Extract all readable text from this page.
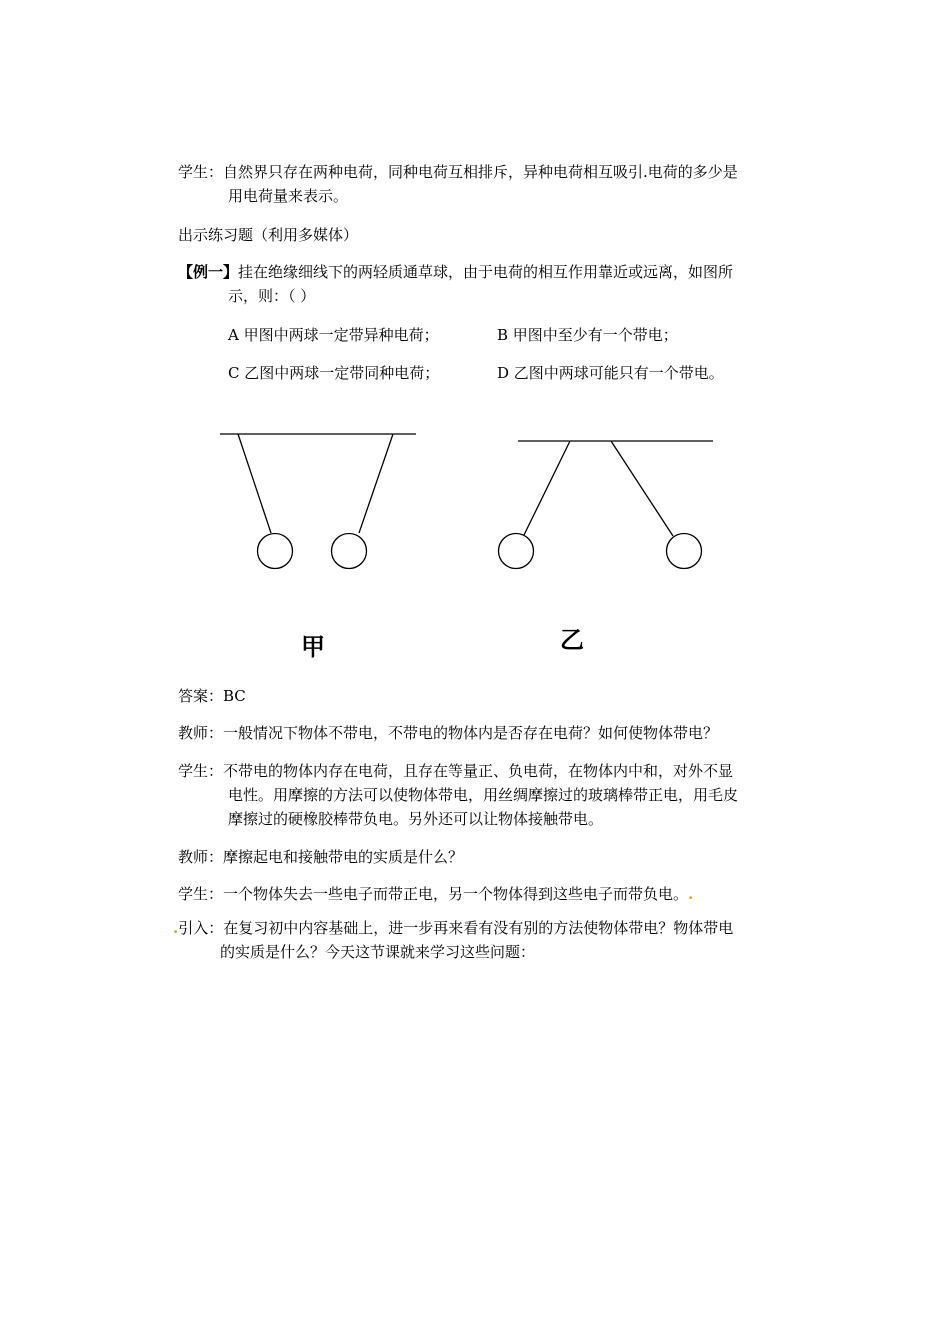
学生：自然界只存在两种电荷，同种电荷互相排斥，异种电荷相互吸引.电荷的多少是
用电荷量来表示。
出示练习题（利用多媒体）
【例一】挂在绝缘细线下的两轻质通草球，由于电荷的相互作用靠近或远离，如图所
示，则：（ ）
A 甲图中两球一定带异种电荷；	B 甲图中至少有一个带电；
C 乙图中两球一定带同种电荷；	D 乙图中两球可能只有一个带电。
甲	乙
答案：BC
教师：一般情况下物体不带电，不带电的物体内是否存在电荷？如何使物体带电？
学生：不带电的物体内存在电荷，且存在等量正、负电荷，在物体内中和，对外不显
电性。用摩擦的方法可以使物体带电，用丝绸摩擦过的玻璃棒带正电，用毛皮
摩擦过的硬橡胶棒带负电。另外还可以让物体接触带电。
教师：摩擦起电和接触带电的实质是什么？
学生：一个物体失去一些电子而带正电，另一个物体得到这些电子而带负电。.
.引入：在复习初中内容基础上，进一步再来看有没有别的方法使物体带电？物体带电
的实质是什么？今天这节课就来学习这些问题：
